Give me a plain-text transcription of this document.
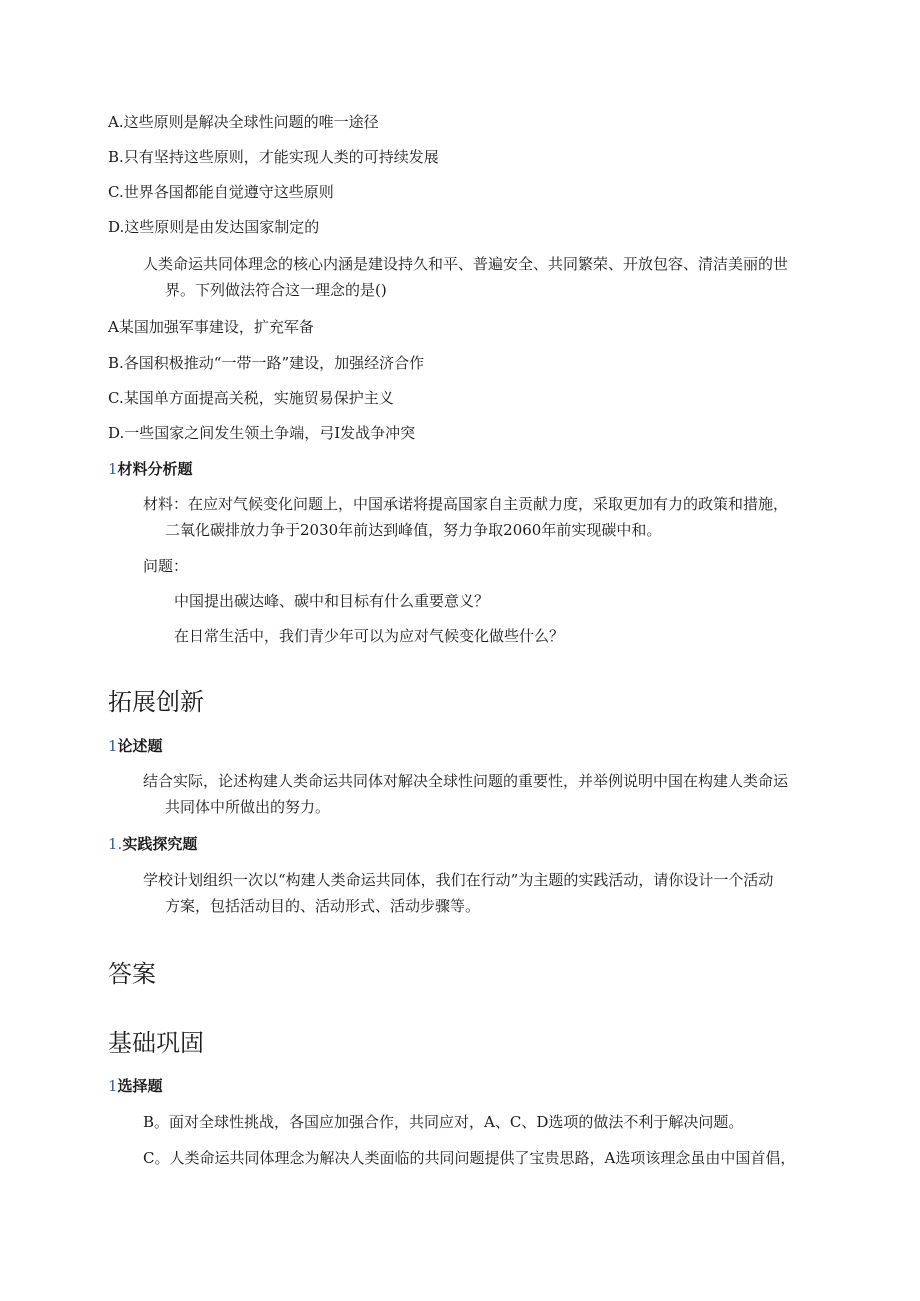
A.这些原则是解决全球性问题的唯一途径
B.只有坚持这些原则，才能实现人类的可持续发展
C.世界各国都能自觉遵守这些原则
D.这些原则是由发达国家制定的
人类命运共同体理念的核心内涵是建设持久和平、普遍安全、共同繁荣、开放包容、清洁美丽的世
界。下列做法符合这一理念的是()
A某国加强军事建设，扩充军备
B.各国积极推动“一带一路”建设，加强经济合作
C.某国单方面提高关税，实施贸易保护主义
D.一些国家之间发生领土争端，弓I发战争冲突
1材料分析题
材料：在应对气候变化问题上，中国承诺将提高国家自主贡献力度，采取更加有力的政策和措施，
二氧化碳排放力争于2030年前达到峰值，努力争取2060年前实现碳中和。
问题：
中国提出碳达峰、碳中和目标有什么重要意义？
在日常生活中，我们青少年可以为应对气候变化做些什么？
拓展创新
1论述题
结合实际，论述构建人类命运共同体对解决全球性问题的重要性，并举例说明中国在构建人类命运
共同体中所做出的努力。
1.实践探究题
学校计划组织一次以“构建人类命运共同体，我们在行动”为主题的实践活动，请你设计一个活动
方案，包括活动目的、活动形式、活动步骤等。
答案
基础巩固
1选择题
B。面对全球性挑战，各国应加强合作，共同应对，A、C、D选项的做法不利于解决问题。
C。人类命运共同体理念为解决人类面临的共同问题提供了宝贵思路，A选项该理念虽由中国首倡，
